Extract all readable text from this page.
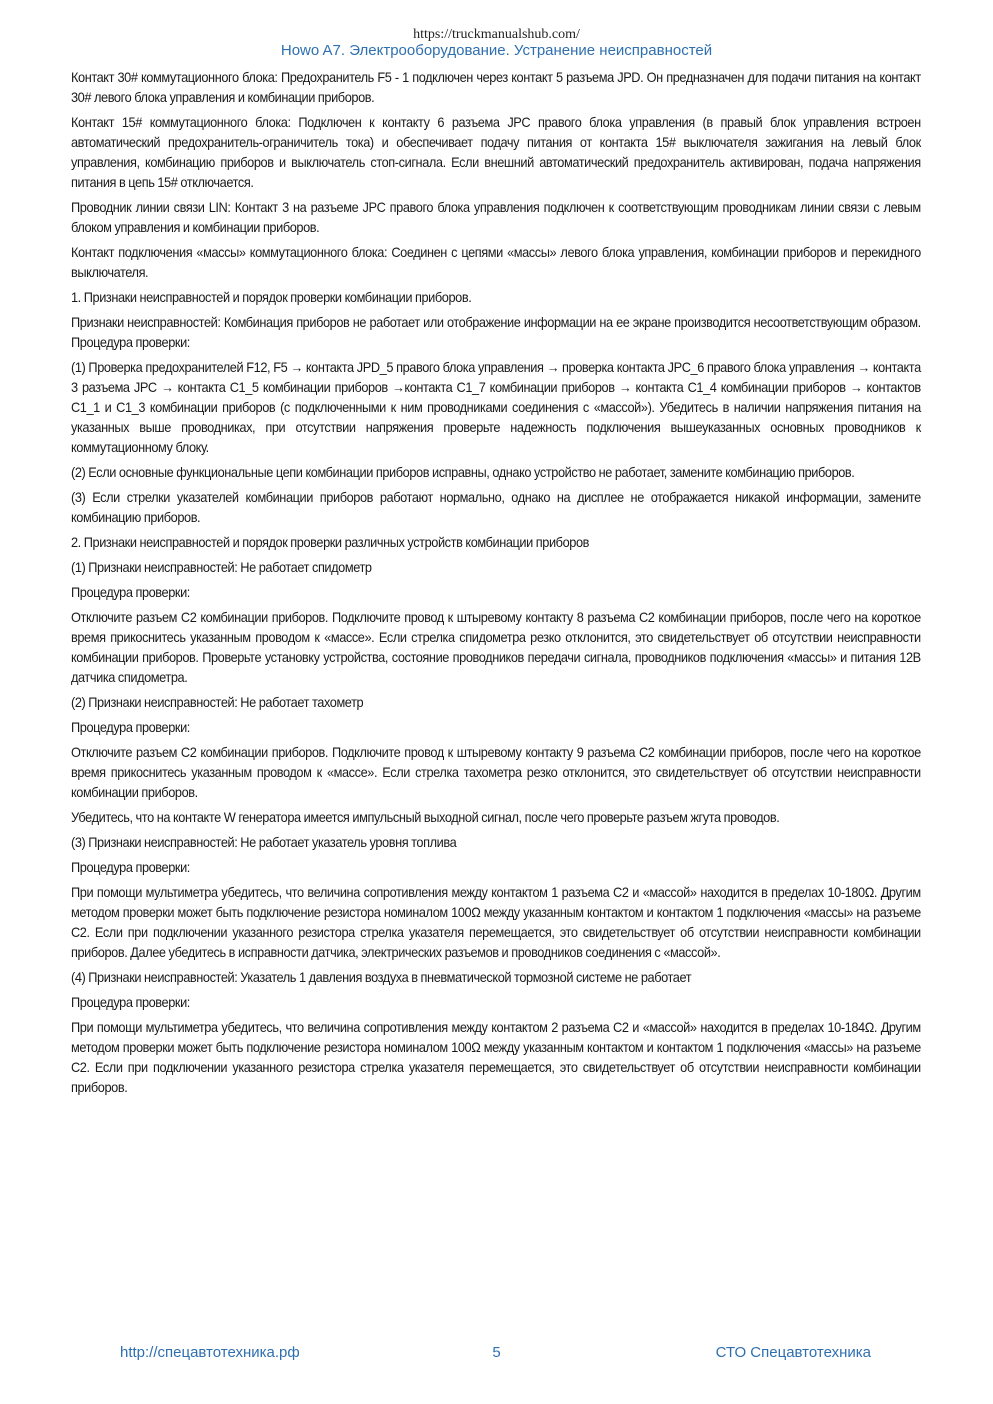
https://truckmanualshub.com/
Howo A7. Электрооборудование. Устранение неисправностей

Контакт 30# коммутационного блока: Предохранитель F5 - 1 подключен через контакт 5 разъема JPD. Он предназначен для подачи питания на контакт 30# левого блока управления и комбинации приборов.

Контакт 15# коммутационного блока: Подключен к контакту 6 разъема JPC правого блока управления (в правый блок управления встроен автоматический предохранитель-ограничитель тока) и обеспечивает подачу питания от контакта 15# выключателя зажигания на левый блок управления, комбинацию приборов и выключатель стоп-сигнала. Если внешний автоматический предохранитель активирован, подача напряжения питания в цепь 15# отключается.

Проводник линии связи LIN: Контакт 3 на разъеме JPC правого блока управления подключен к соответствующим проводникам линии связи с левым блоком управления и комбинации приборов.

Контакт подключения «массы» коммутационного блока: Соединен с цепями «массы» левого блока управления, комбинации приборов и перекидного выключателя.

1. Признаки неисправностей и порядок проверки комбинации приборов.

Признаки неисправностей: Комбинация приборов не работает или отображение информации на ее экране производится несоответствующим образом. Процедура проверки:

(1) Проверка предохранителей F12, F5 → контакта JPD_5 правого блока управления → проверка контакта JPC_6 правого блока управления → контакта 3 разъема JPC → контакта C1_5 комбинации приборов →контакта C1_7 комбинации приборов → контакта C1_4 комбинации приборов → контактов C1_1 и C1_3 комбинации приборов (с подключенными к ним проводниками соединения с «массой»). Убедитесь в наличии напряжения питания на указанных выше проводниках, при отсутствии напряжения проверьте надежность подключения вышеуказанных основных проводников к коммутационному блоку.

(2) Если основные функциональные цепи комбинации приборов исправны, однако устройство не работает, замените комбинацию приборов.

(3) Если стрелки указателей комбинации приборов работают нормально, однако на дисплее не отображается никакой информации, замените комбинацию приборов.

2. Признаки неисправностей и порядок проверки различных устройств комбинации приборов

(1) Признаки неисправностей: Не работает спидометр

Процедура проверки:

Отключите разъем C2 комбинации приборов. Подключите провод к штыревому контакту 8 разъема C2 комбинации приборов, после чего на короткое время прикоснитесь указанным проводом к «массе». Если стрелка спидометра резко отклонится, это свидетельствует об отсутствии неисправности комбинации приборов. Проверьте установку устройства, состояние проводников передачи сигнала, проводников подключения «массы» и питания 12В датчика спидометра.

(2) Признаки неисправностей: Не работает тахометр

Процедура проверки:

Отключите разъем C2 комбинации приборов. Подключите провод к штыревому контакту 9 разъема C2 комбинации приборов, после чего на короткое время прикоснитесь указанным проводом к «массе». Если стрелка тахометра резко отклонится, это свидетельствует об отсутствии неисправности комбинации приборов.

Убедитесь, что на контакте W генератора имеется импульсный выходной сигнал, после чего проверьте разъем жгута проводов.

(3) Признаки неисправностей: Не работает указатель уровня топлива

Процедура проверки:

При помощи мультиметра убедитесь, что величина сопротивления между контактом 1 разъема C2 и «массой» находится в пределах 10-180Ω. Другим методом проверки может быть подключение резистора номиналом 100Ω между указанным контактом и контактом 1 подключения «массы» на разъеме C2. Если при подключении указанного резистора стрелка указателя перемещается, это свидетельствует об отсутствии неисправности комбинации приборов. Далее убедитесь в исправности датчика, электрических разъемов и проводников соединения с «массой».

(4) Признаки неисправностей: Указатель 1 давления воздуха в пневматической тормозной системе не работает

Процедура проверки:

При помощи мультиметра убедитесь, что величина сопротивления между контактом 2 разъема C2 и «массой» находится в пределах 10-184Ω. Другим методом проверки может быть подключение резистора номиналом 100Ω между указанным контактом и контактом 1 подключения «массы» на разъеме C2. Если при подключении указанного резистора стрелка указателя перемещается, это свидетельствует об отсутствии неисправности комбинации приборов.

http://спецавтотехника.рф	5	СТО Спецавтотехника
